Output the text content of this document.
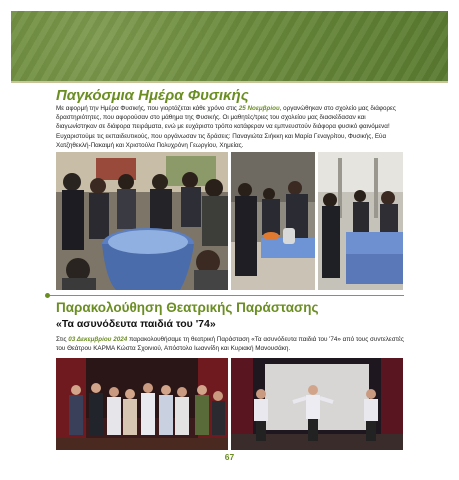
Παγκόσμια Ημέρα Φυσικής

Με αφορμή την Ημέρα Φυσικής, που γιορτάζεται κάθε χρόνο στις 25 Νοεμβρίου, οργανώθηκαν στο σχολείο μας διάφορες δραστηριότητες, που αφορούσαν στο μάθημα της Φυσικής. Οι μαθητές/τριες του σχολείου μας διασκέδασαν και διαγωνίστηκαν σε διάφορα πειράματα, ενώ με ευχάριστο τρόπο κατάφεραν να εμπνευστούν διάφορα φυσικό φαινόμενα! Ευχαριστούμε τις εκπαιδευτικούς, που οργάνωσαν τις δράσεις: Παναγιώτα Σιήκκη και Μαρία Γεναγρίτου, Φυσικής, Εύα Χατζηθεκλή-Πακαιμή και Χριστούλα Πολυχρόνη Γεωργίου, Χημείας.

Παρακολούθηση Θεατρικής Παράστασης
«Τα ασυνόδευτα παιδιά του '74»

Στις 03 Δεκεμβρίου 2024 παρακολουθήσαμε τη θεατρική Παράσταση «Τα ασυνόδευτα παιδιά του '74» από τους συντελεστές του Θεάτρου ΚΑΡΜΑ Κώστα Σχοινιού, Απόστολο Ιωαννίδη και Κυριακή Μανουσάκη.

67
